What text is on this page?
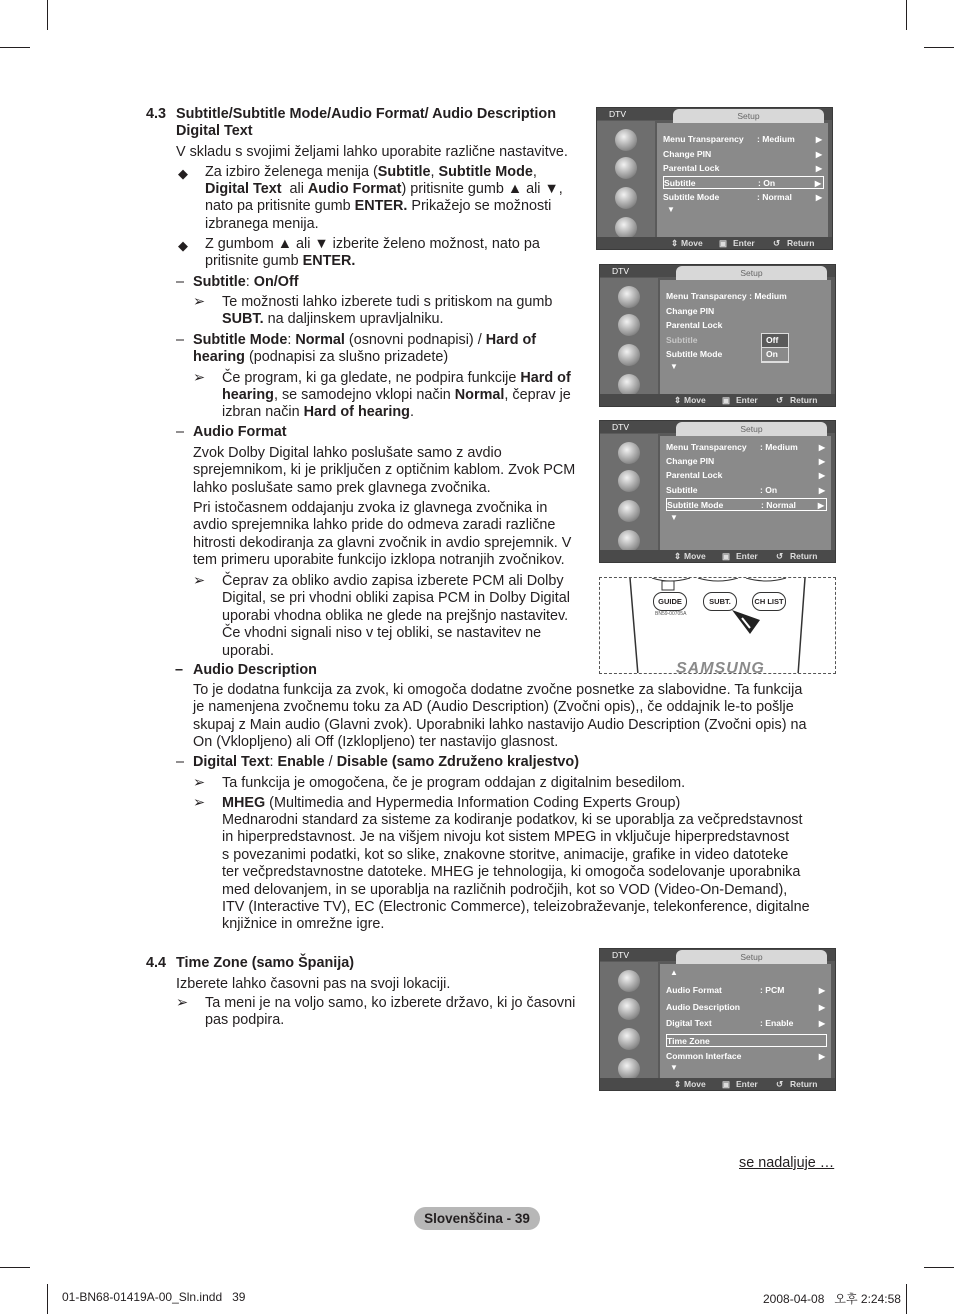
4.3 Subtitle/Subtitle Mode/Audio Format/ Audio Description
Digital Text
V skladu s svojimi željami lahko uporabite različne nastavitve.
◆ Za izbiro želenega menija (Subtitle, Subtitle Mode,
Digital Text  ali Audio Format) pritisnite gumb ▲ ali ▼,
nato pa pritisnite gumb ENTER. Prikažejo se možnosti
izbranega menija.
◆ Z gumbom ▲ ali ▼ izberite želeno možnost, nato pa
pritisnite gumb ENTER.
– Subtitle: On/Off
➢ Te možnosti lahko izberete tudi s pritiskom na gumb
SUBT. na daljinskem upravljalniku.
– Subtitle Mode: Normal (osnovni podnapisi) / Hard of
hearing (podnapisi za slušno prizadete)
➢ Če program, ki ga gledate, ne podpira funkcije Hard of
hearing, se samodejno vklopi način Normal, čeprav je
izbran način Hard of hearing.
– Audio Format
Zvok Dolby Digital lahko poslušate samo z avdio
sprejemnikom, ki je priključen z optičnim kablom. Zvok PCM
lahko poslušate samo prek glavnega zvočnika.
Pri istočasnem oddajanju zvoka iz glavnega zvočnika in
avdio sprejemnika lahko pride do odmeva zaradi različne
hitrosti dekodiranja za glavni zvočnik in avdio sprejemnik. V
tem primeru uporabite funkcijo izklopa notranjih zvočnikov.
➢ Čeprav za obliko avdio zapisa izberete PCM ali Dolby
Digital, se pri vhodni obliki zapisa PCM in Dolby Digital
uporabi vhodna oblika ne glede na prejšnjo nastavitev.
Če vhodni signali niso v tej obliki, se nastavitev ne
uporabi.
– Audio Description
To je dodatna funkcija za zvok, ki omogoča dodatne zvočne posnetke za slabovidne. Ta funkcija
je namenjena zvočnemu toku za AD (Audio Description) (Zvočni opis),, če oddajnik le-to pošlje
skupaj z Main audio (Glavni zvok). Uporabniki lahko nastavijo Audio Description (Zvočni opis) na
On (Vklopljeno) ali Off (Izklopljeno) ter nastavijo glasnost.
– Digital Text: Enable / Disable (samo Združeno kraljestvo)
➢ Ta funkcija je omogočena, če je program oddajan z digitalnim besedilom.
➢ MHEG (Multimedia and Hypermedia Information Coding Experts Group)
Mednarodni standard za sisteme za kodiranje podatkov, ki se uporablja za večpredstavnost
in hiperpredstavnost. Je na višjem nivoju kot sistem MPEG in vključuje hiperpredstavnost
s povezanimi podatki, kot so slike, znakovne storitve, animacije, grafike in video datoteke
ter večpredstavnostne datoteke. MHEG je tehnologija, ki omogoča sodelovanje uporabnika
med delovanjem, in se uporablja na različnih področjih, kot so VOD (Video-On-Demand),
ITV (Interactive TV), EC (Electronic Commerce), teleizobraževanje, telekonference, digitalne
knjižnice in omrežne igre.
4.4 Time Zone (samo Španija)
Izberete lahko časovni pas na svoji lokaciji.
➢ Ta meni je na voljo samo, ko izberete državo, ki jo časovni
pas podpira.
DTV	Setup
Menu Transparency : Medium	▶
Change PIN	▶
Parental Lock	▶
Subtitle	: On	▶
Subtitle Mode	: Normal	▶
▼
⇕ Move ▣ Enter ↺ Return
DTV	Setup
Menu Transparency : Medium
Change PIN
Parental Lock
Subtitle
Subtitle Mode
▼
Off
On
⇕ Move ▣ Enter ↺ Return
DTV	Setup
Menu Transparency : Medium	▶
Change PIN	▶
Parental Lock	▶
Subtitle	: On	▶
Subtitle Mode	: Normal	▶
▼
⇕ Move ▣ Enter ↺ Return
GUIDE	SUBT.	CH LIST
BN59-00705A
SAMSUNG
DTV	Setup
▲
Audio Format	: PCM	▶
Audio Description	▶
Digital Text	: Enable	▶
Time Zone
Common Interface	▶
▼
⇕ Move ▣ Enter ↺ Return
se nadaljuje …
Slovenščina - 39
01-BN68-01419A-00_Sln.indd   39	2008-04-08   오후 2:24:58
